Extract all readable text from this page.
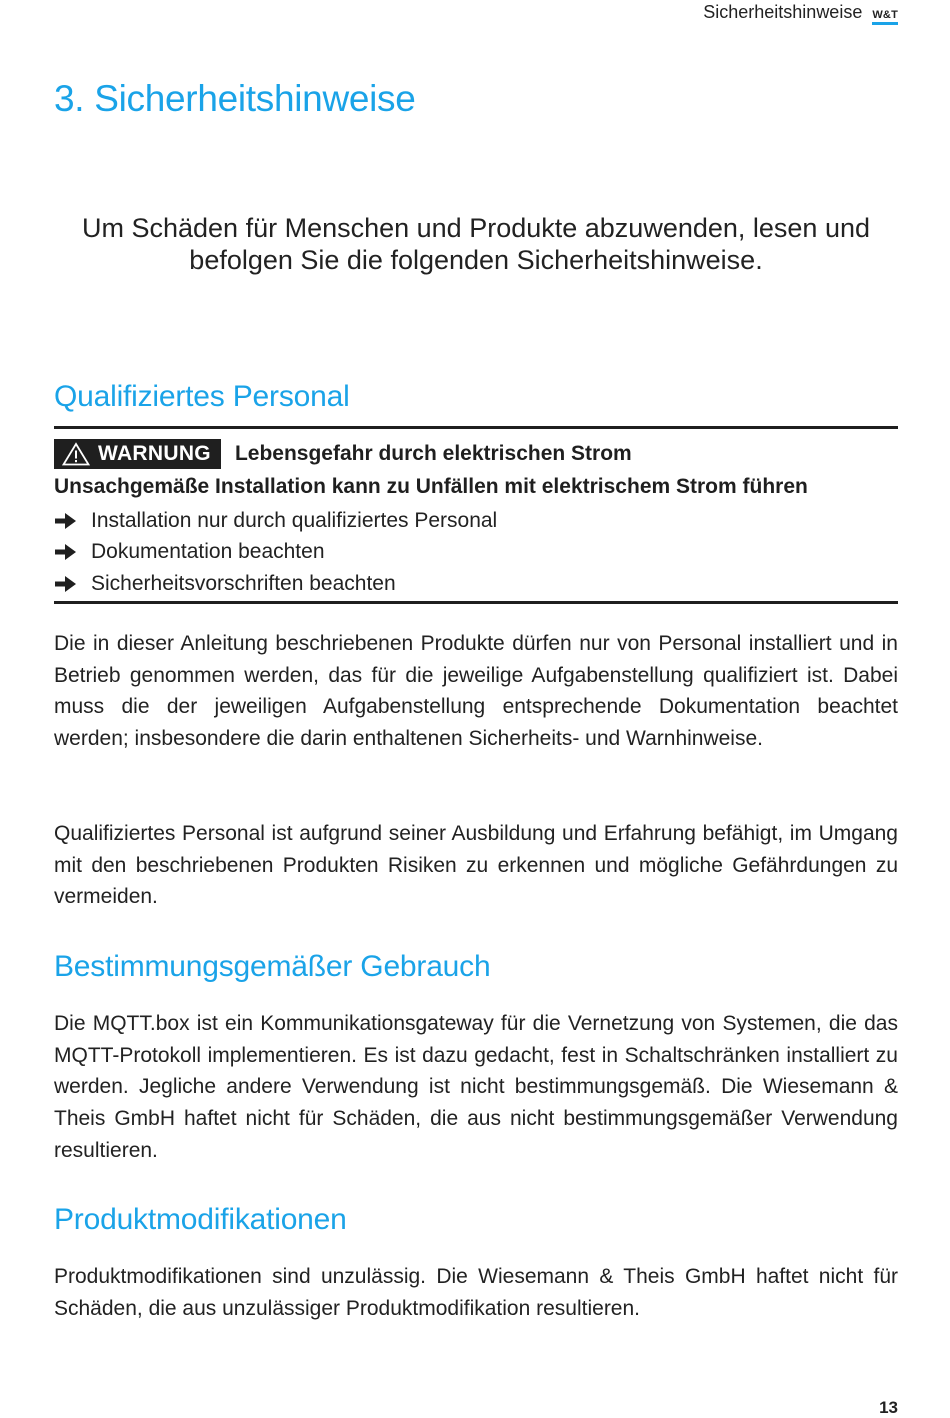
Sicherheitshinweise W&T
3. Sicherheitshinweise

Um Schäden für Menschen und Produkte abzuwenden, lesen und befolgen Sie die folgenden Sicherheitshinweise.

Qualifiziertes Personal
WARNUNG Lebensgefahr durch elektrischen Strom

Unsachgemäße Installation kann zu Unfällen mit elektrischem Strom führen

Installation nur durch qualifiziertes Personal
Dokumentation beachten
Sicherheitsvorschriften beachten

Die in dieser Anleitung beschriebenen Produkte dürfen nur von Personal installiert und in Betrieb genommen werden, das für die jeweilige Aufgabenstellung qualifiziert ist. Dabei muss die der jeweiligen Aufgabenstellung entsprechende Dokumentation beachtet werden; insbesondere die darin enthaltenen Sicherheits- und Warnhinweise.

Qualifiziertes Personal ist aufgrund seiner Ausbildung und Erfahrung befähigt, im Umgang mit den beschriebenen Produkten Risiken zu erkennen und mögliche Gefährdungen zu vermeiden.

Bestimmungsgemäßer Gebrauch

Die MQTT.box ist ein Kommunikationsgateway für die Vernetzung von Systemen, die das MQTT-Protokoll implementieren. Es ist dazu gedacht, fest in Schaltschränken installiert zu werden. Jegliche andere Verwendung ist nicht bestimmungsgemäß. Die Wiesemann & Theis GmbH haftet nicht für Schäden, die aus nicht bestimmungsgemäßer Verwendung resultieren.

Produktmodifikationen

Produktmodifikationen sind unzulässig. Die Wiesemann & Theis GmbH haftet nicht für Schäden, die aus unzulässiger Produktmodifikation resultieren.

13
